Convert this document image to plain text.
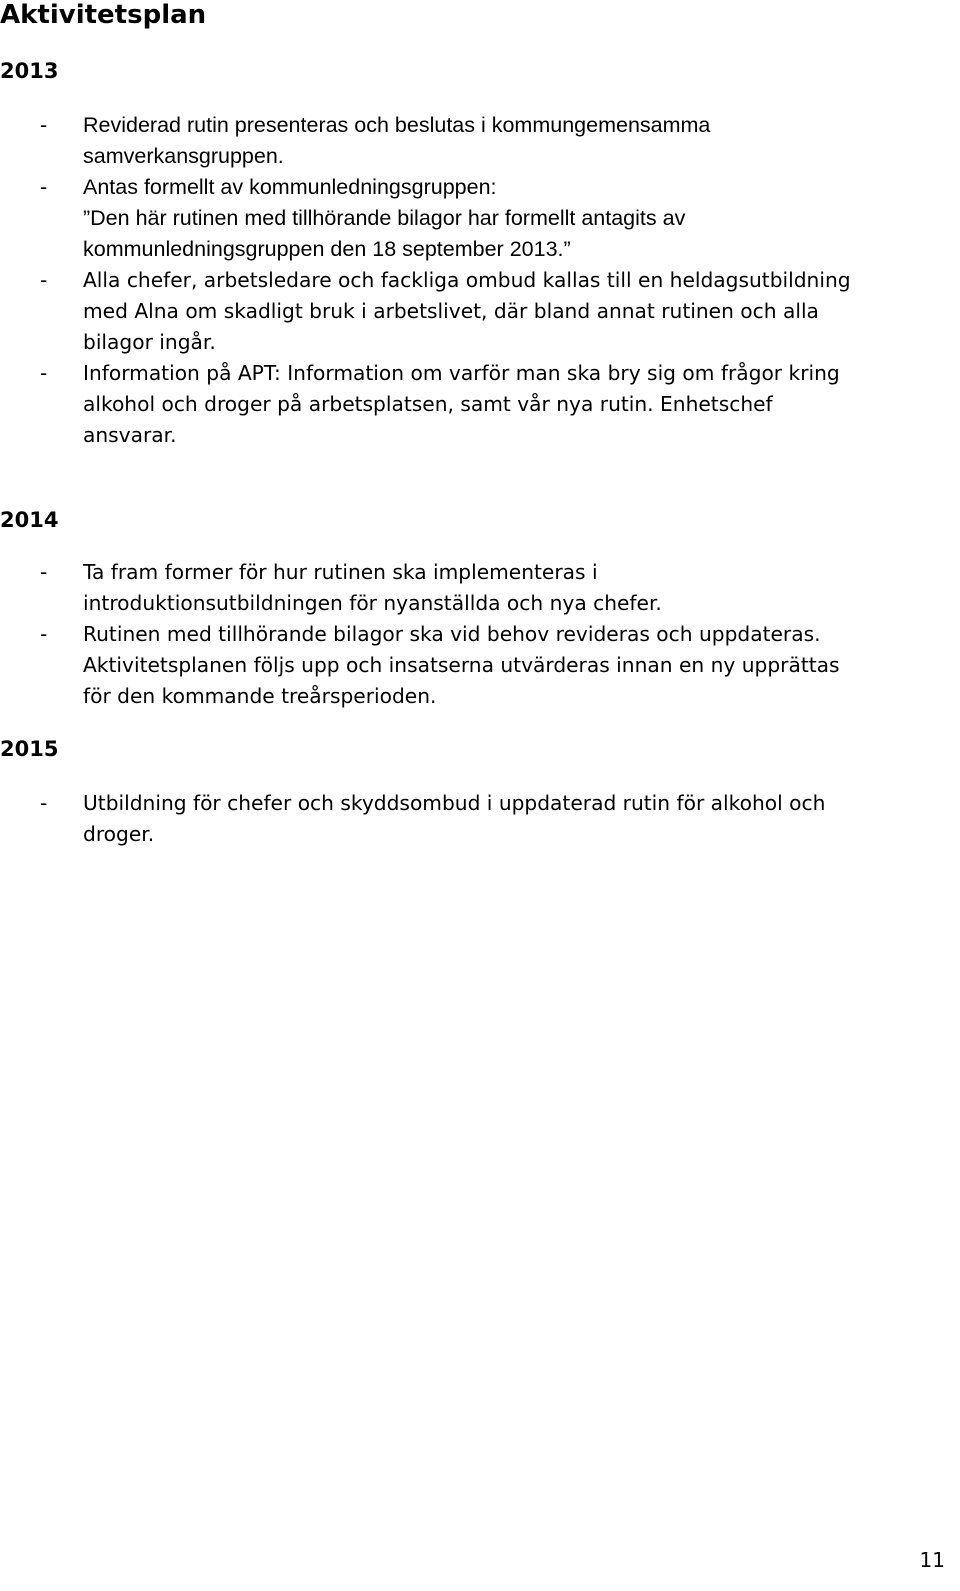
Aktivitetsplan
2013
- Reviderad rutin presenteras och beslutas i kommungemensamma
samverkansgruppen.
- Antas formellt av kommunledningsgruppen:
”Den här rutinen med tillhörande bilagor har formellt antagits av
kommunledningsgruppen den 18 september 2013.”
- Alla chefer, arbetsledare och fackliga ombud kallas till en heldagsutbildning
med Alna om skadligt bruk i arbetslivet, där bland annat rutinen och alla
bilagor ingår.
- Information på APT: Information om varför man ska bry sig om frågor kring
alkohol och droger på arbetsplatsen, samt vår nya rutin. Enhetschef
ansvarar.
2014
- Ta fram former för hur rutinen ska implementeras i
introduktionsutbildningen för nyanställda och nya chefer.
- Rutinen med tillhörande bilagor ska vid behov revideras och uppdateras.
Aktivitetsplanen följs upp och insatserna utvärderas innan en ny upprättas
för den kommande treårsperioden.
2015
- Utbildning för chefer och skyddsombud i uppdaterad rutin för alkohol och
droger.
11
